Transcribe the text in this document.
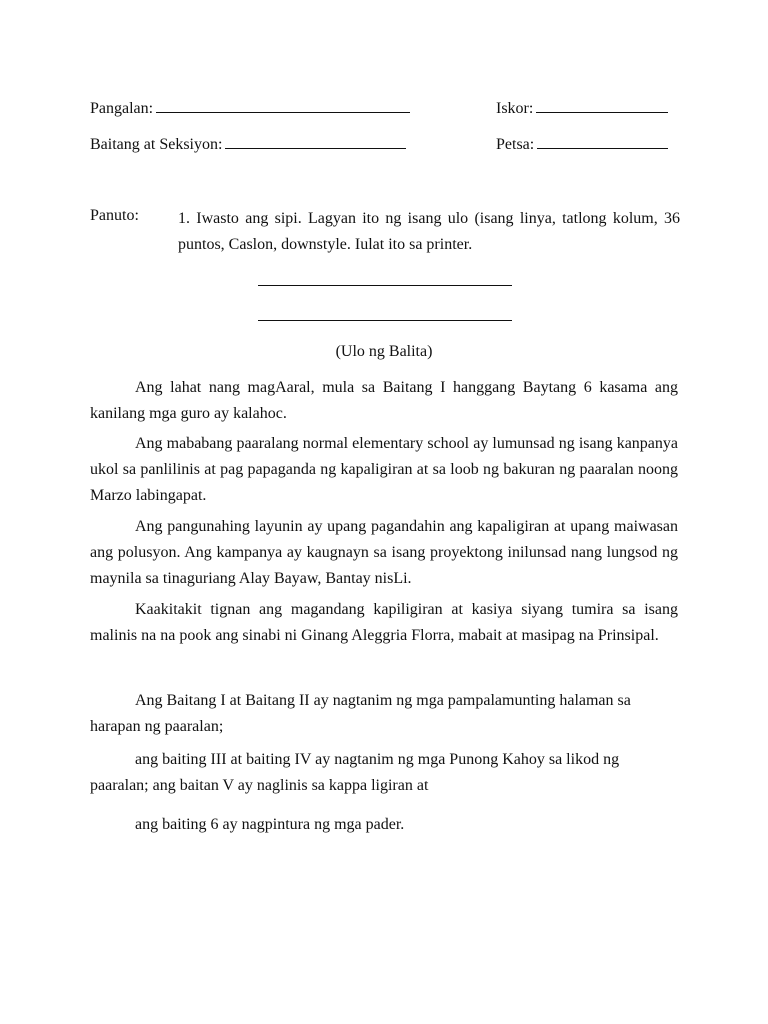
Pangalan:	Iskor:
Baitang at Seksiyon:	Petsa:
Panuto: 1. Iwasto ang sipi. Lagyan ito ng isang ulo (isang linya, tatlong kolum, 36 puntos, Caslon, downstyle. Iulat ito sa printer.
(Ulo ng Balita)

Ang lahat nang magAaral, mula sa Baitang I hanggang Baytang 6 kasama ang kanilang mga guro ay kalahoc.

Ang mababang paaralang normal elementary school ay lumunsad ng isang kanpanya ukol sa panlilinis at pag papaganda ng kapaligiran at sa loob ng bakuran ng paaralan noong Marzo labingapat.

Ang pangunahing layunin ay upang pagandahin ang kapaligiran at upang maiwasan ang polusyon. Ang kampanya ay kaugnayn sa isang proyektong inilunsad nang lungsod ng maynila sa tinaguriang Alay Bayaw, Bantay nisLi.

Kaakitakit tignan ang magandang kapiligiran at kasiya siyang tumira sa isang malinis na na pook ang sinabi ni Ginang Aleggria Florra, mabait at masipag na Prinsipal.

Ang Baitang I at Baitang II ay nagtanim ng mga pampalamunting halaman sa harapan ng paaralan;

ang baiting III at baiting IV ay nagtanim ng mga Punong Kahoy sa likod ng paaralan; ang baitan V ay naglinis sa kappa ligiran at

ang baiting 6 ay nagpintura ng mga pader.
